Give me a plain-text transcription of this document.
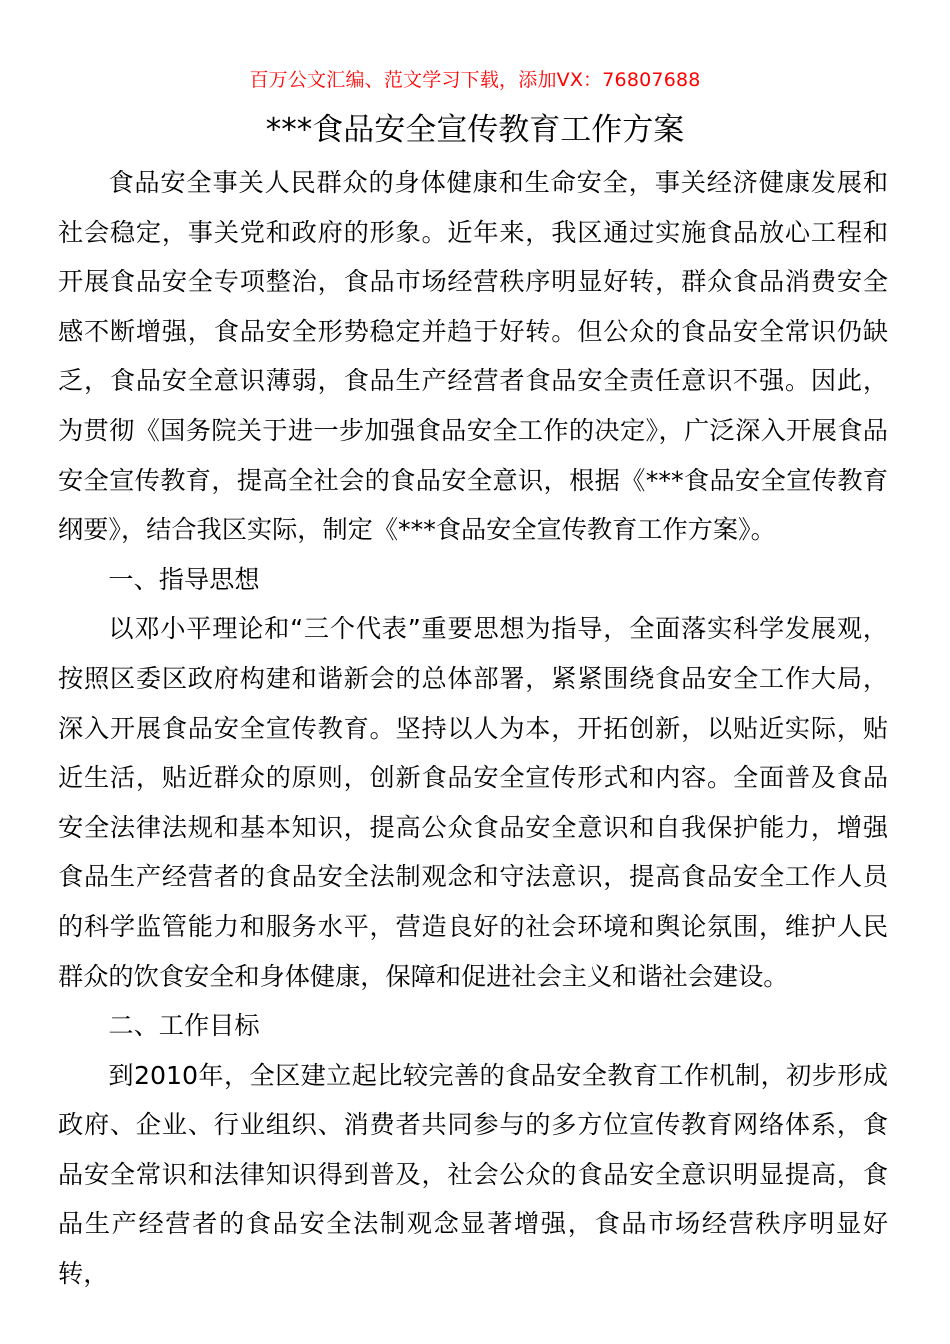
百万公文汇编、范文学习下载，添加VX：76807688
***食品安全宣传教育工作方案

食品安全事关人民群众的身体健康和生命安全，事关经济健康发展和社会稳定，事关党和政府的形象。近年来，我区通过实施食品放心工程和开展食品安全专项整治，食品市场经营秩序明显好转，群众食品消费安全感不断增强，食品安全形势稳定并趋于好转。但公众的食品安全常识仍缺乏，食品安全意识薄弱，食品生产经营者食品安全责任意识不强。因此，为贯彻《国务院关于进一步加强食品安全工作的决定》，广泛深入开展食品安全宣传教育，提高全社会的食品安全意识，根据《***食品安全宣传教育纲要》，结合我区实际，制定《***食品安全宣传教育工作方案》。

一、指导思想

以邓小平理论和“三个代表”重要思想为指导，全面落实科学发展观，按照区委区政府构建和谐新会的总体部署，紧紧围绕食品安全工作大局，深入开展食品安全宣传教育。坚持以人为本，开拓创新，以贴近实际，贴近生活，贴近群众的原则，创新食品安全宣传形式和内容。全面普及食品安全法律法规和基本知识，提高公众食品安全意识和自我保护能力，增强食品生产经营者的食品安全法制观念和守法意识，提高食品安全工作人员的科学监管能力和服务水平，营造良好的社会环境和舆论氛围，维护人民群众的饮食安全和身体健康，保障和促进社会主义和谐社会建设。

二、工作目标

到2010年，全区建立起比较完善的食品安全教育工作机制，初步形成政府、企业、行业组织、消费者共同参与的多方位宣传教育网络体系，食品安全常识和法律知识得到普及，社会公众的食品安全意识明显提高，食品生产经营者的食品安全法制观念显著增强，食品市场经营秩序明显好转，
